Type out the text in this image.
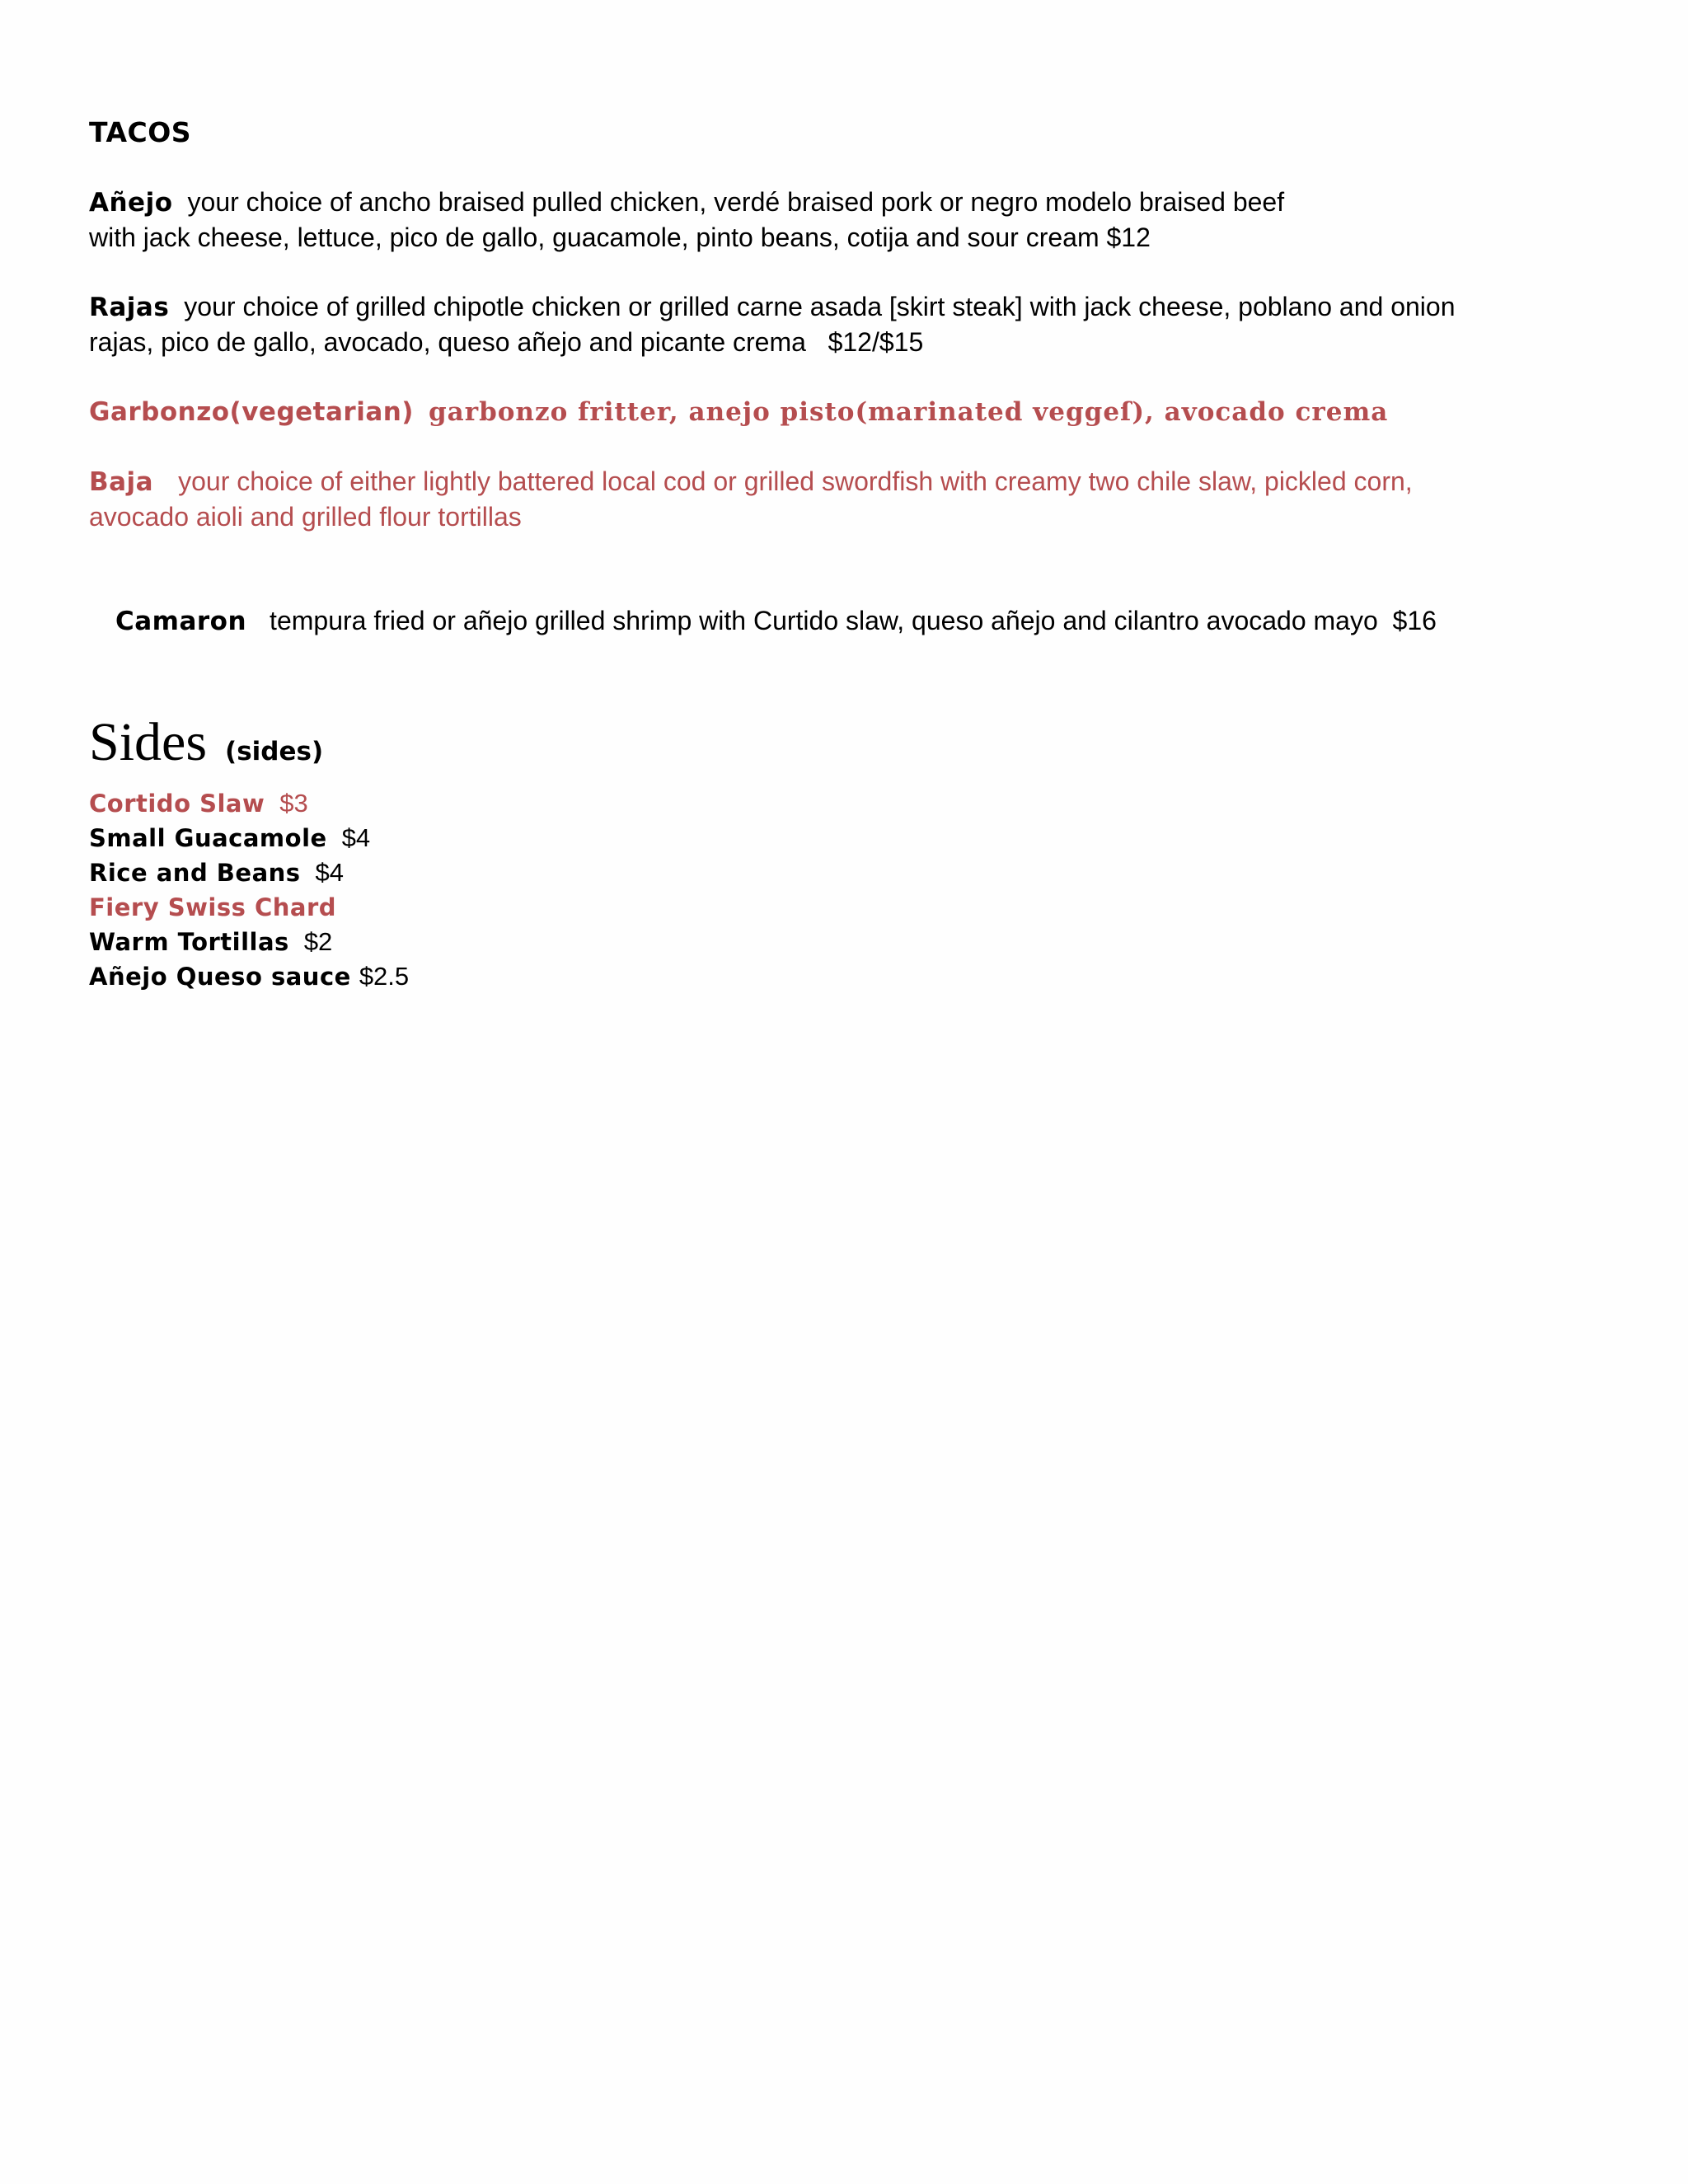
TACOS
Añejo your choice of ancho braised pulled chicken, verdé braised pork or negro modelo braised beef
with jack cheese, lettuce, pico de gallo, guacamole, pinto beans, cotija and sour cream $12
Rajas your choice of grilled chipotle chicken or grilled carne asada [skirt steak] with jack cheese, poblano and onion
rajas, pico de gallo, avocado, queso añejo and picante crema   $12/$15
Garbonzo(vegetarian) garbonzo fritter, anejo pisto(marinated veggeſ), avocado crema
Baja your choice of either lightly battered local cod or grilled swordfish with creamy two chile slaw, pickled corn,
avocado aioli and grilled flour tortillas

Camaron tempura fried or añejo grilled shrimp with Curtido slaw, queso añejo and cilantro avocado mayo  $16

Sides (sides)
Cortido Slaw $3
Small Guacamole $4
Rice and Beans $4
Fiery Swiss Chard
Warm Tortillas $2
Añejo Queso sauce $2.5
